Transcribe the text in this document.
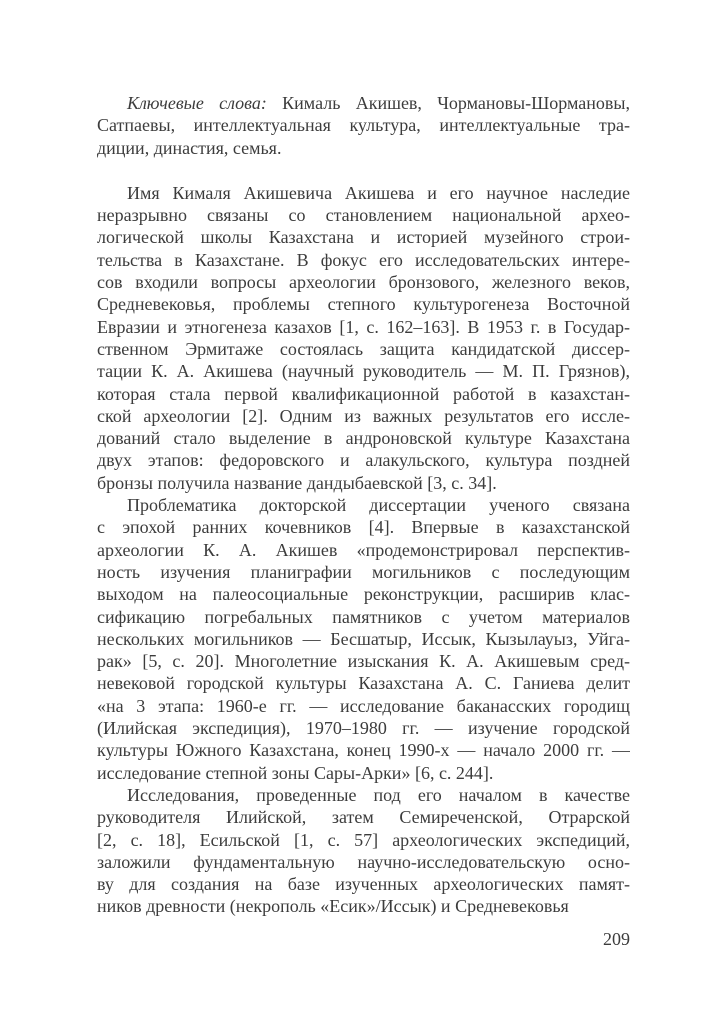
Ключевые слова: Кималь Акишев, Чормановы-Шормановы,
Сатпаевы, интеллектуальная культура, интеллектуальные тра-
диции, династия, семья.
Имя Кималя Акишевича Акишева и его научное наследие
неразрывно связаны со становлением национальной архео-
логической школы Казахстана и историей музейного строи-
тельства в Казахстане. В фокус его исследовательских интере-
сов входили вопросы археологии бронзового, железного веков,
Средневековья, проблемы степного культурогенеза Восточной
Евразии и этногенеза казахов [1, с. 162–163]. В 1953 г. в Государ-
ственном Эрмитаже состоялась защита кандидатской диссер-
тации К. А. Акишева (научный руководитель — М. П. Грязнов),
которая стала первой квалификационной работой в казахстан-
ской археологии [2]. Одним из важных результатов его иссле-
дований стало выделение в андроновской культуре Казахстана
двух этапов: федоровского и алакульского, культура поздней
бронзы получила название дандыбаевской [3, с. 34].
Проблематика докторской диссертации ученого связана
с эпохой ранних кочевников [4]. Впервые в казахстанской
археологии К. А. Акишев «продемонстрировал перспектив-
ность изучения планиграфии могильников с последующим
выходом на палеосоциальные реконструкции, расширив клас-
сификацию погребальных памятников с учетом материалов
нескольких могильников — Бесшатыр, Иссык, Кызылауыз, Уйга-
рак» [5, с. 20]. Многолетние изыскания К. А. Акишевым сред-
невековой городской культуры Казахстана А. С. Ганиева делит
«на 3 этапа: 1960-е гг. — исследование баканасских городищ
(Илийская экспедиция), 1970–1980 гг. — изучение городской
культуры Южного Казахстана, конец 1990-х — начало 2000 гг. —
исследование степной зоны Сары-Арки» [6, с. 244].
Исследования, проведенные под его началом в качестве
руководителя Илийской, затем Семиреченской, Отрарской
[2, с. 18], Есильской [1, с. 57] археологических экспедиций,
заложили фундаментальную научно-исследовательскую осно-
ву для создания на базе изученных археологических памят-
ников древности (некрополь «Есик»/Иссык) и Средневековья
209
